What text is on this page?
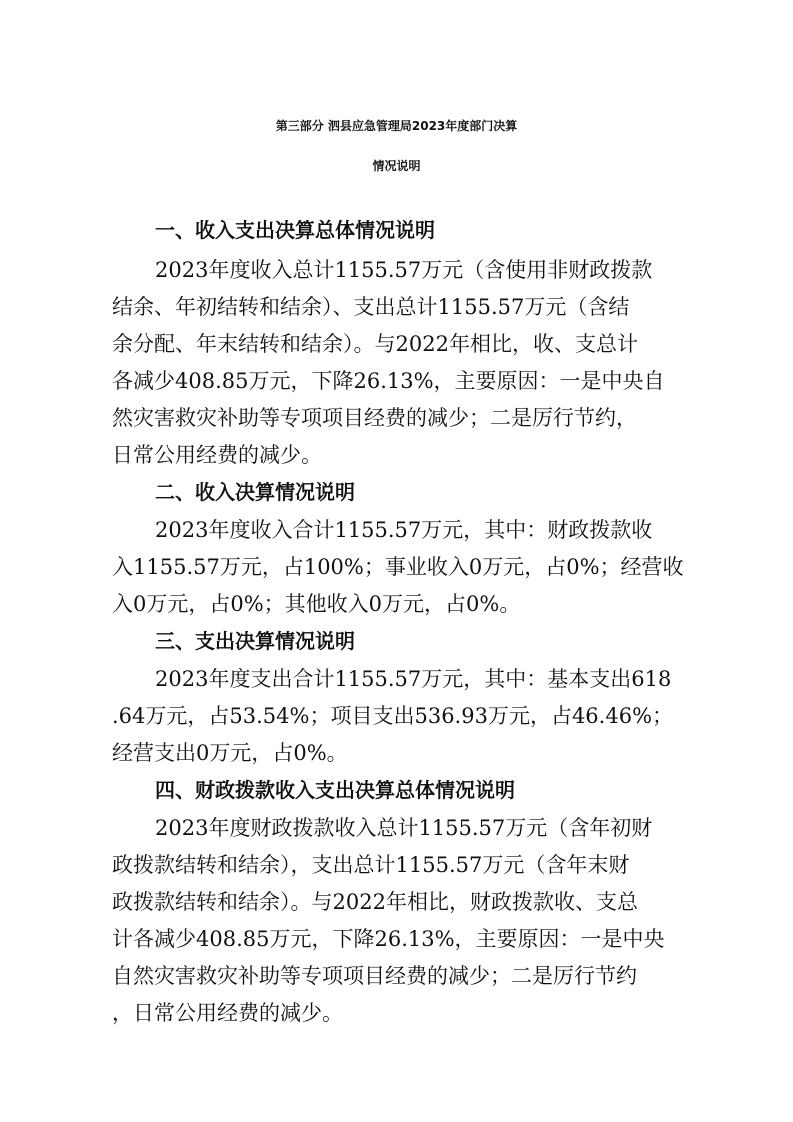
第三部分 泗县应急管理局2023年度部门决算
情况说明
一、收入支出决算总体情况说明
2023年度收入总计1155.57万元（含使用非财政拨款
结余、年初结转和结余）、支出总计1155.57万元（含结
余分配、年末结转和结余）。与2022年相比，收、支总计
各减少408.85万元，下降26.13%，主要原因：一是中央自
然灾害救灾补助等专项项目经费的减少；二是厉行节约，
日常公用经费的减少。
二、收入决算情况说明
2023年度收入合计1155.57万元，其中：财政拨款收
入1155.57万元，占100%；事业收入0万元，占0%；经营收
入0万元，占0%；其他收入0万元，占0%。
三、支出决算情况说明
2023年度支出合计1155.57万元，其中：基本支出618
.64万元，占53.54%；项目支出536.93万元，占46.46%；
经营支出0万元，占0%。
四、财政拨款收入支出决算总体情况说明
2023年度财政拨款收入总计1155.57万元（含年初财
政拨款结转和结余），支出总计1155.57万元（含年末财
政拨款结转和结余）。与2022年相比，财政拨款收、支总
计各减少408.85万元，下降26.13%，主要原因：一是中央
自然灾害救灾补助等专项项目经费的减少；二是厉行节约
，日常公用经费的减少。
